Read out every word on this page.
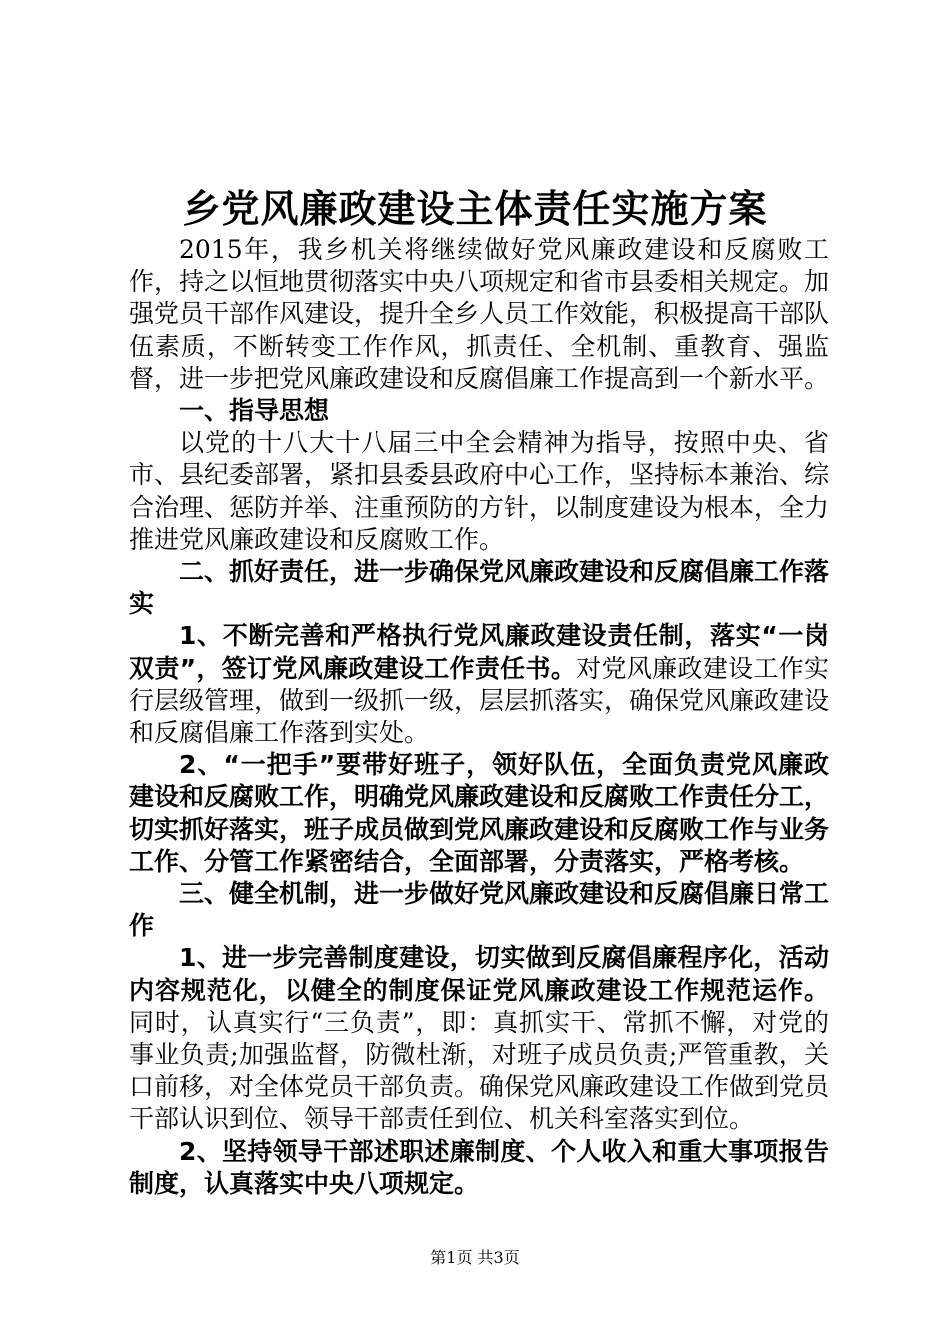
乡党风廉政建设主体责任实施方案

2015年，我乡机关将继续做好党风廉政建设和反腐败工作，持之以恒地贯彻落实中央八项规定和省市县委相关规定。加强党员干部作风建设，提升全乡人员工作效能，积极提高干部队伍素质，不断转变工作作风，抓责任、全机制、重教育、强监督，进一步把党风廉政建设和反腐倡廉工作提高到一个新水平。

一、指导思想

以党的十八大十八届三中全会精神为指导，按照中央、省市、县纪委部署，紧扣县委县政府中心工作，坚持标本兼治、综合治理、惩防并举、注重预防的方针，以制度建设为根本，全力推进党风廉政建设和反腐败工作。

二、抓好责任，进一步确保党风廉政建设和反腐倡廉工作落实

1、不断完善和严格执行党风廉政建设责任制，落实“一岗双责”，签订党风廉政建设工作责任书。对党风廉政建设工作实行层级管理，做到一级抓一级，层层抓落实，确保党风廉政建设和反腐倡廉工作落到实处。

2、“一把手”要带好班子，领好队伍，全面负责党风廉政建设和反腐败工作，明确党风廉政建设和反腐败工作责任分工，切实抓好落实，班子成员做到党风廉政建设和反腐败工作与业务工作、分管工作紧密结合，全面部署，分责落实，严格考核。

三、健全机制，进一步做好党风廉政建设和反腐倡廉日常工作

1、进一步完善制度建设，切实做到反腐倡廉程序化，活动内容规范化，以健全的制度保证党风廉政建设工作规范运作。同时，认真实行“三负责”，即：真抓实干、常抓不懈，对党的事业负责;加强监督，防微杜渐，对班子成员负责;严管重教，关口前移，对全体党员干部负责。确保党风廉政建设工作做到党员干部认识到位、领导干部责任到位、机关科室落实到位。

2、坚持领导干部述职述廉制度、个人收入和重大事项报告制度，认真落实中央八项规定。

第1页 共3页
